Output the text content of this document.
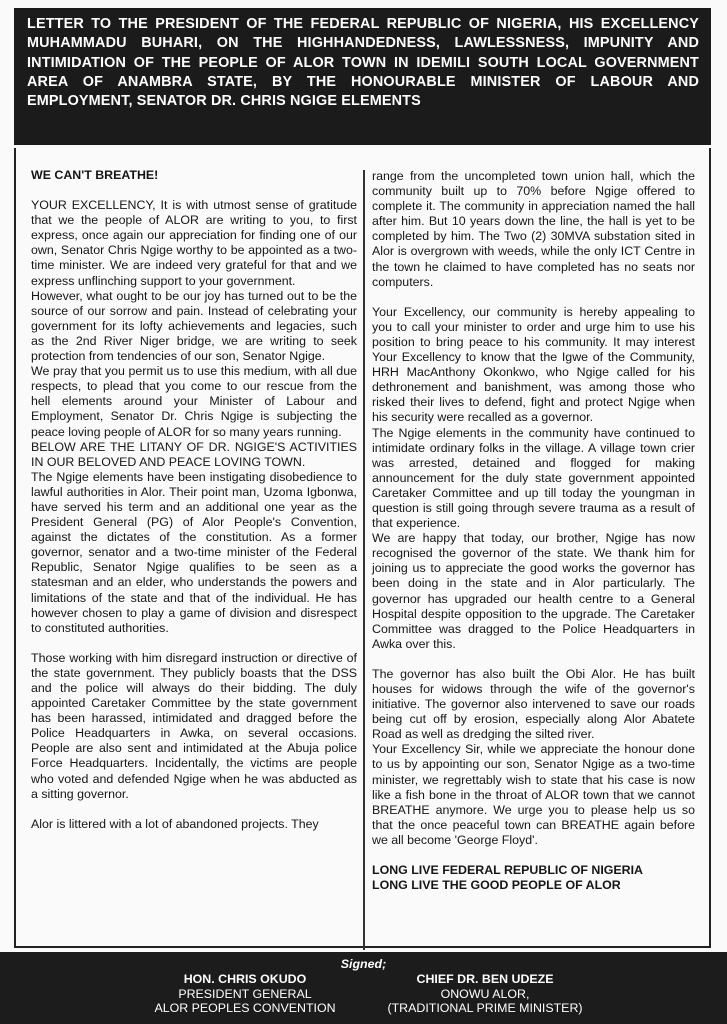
LETTER TO THE PRESIDENT OF THE FEDERAL REPUBLIC OF NIGERIA, HIS EXCELLENCY MUHAMMADU BUHARI, ON THE HIGHHANDEDNESS, LAWLESSNESS, IMPUNITY AND INTIMIDATION OF THE PEOPLE OF ALOR TOWN IN IDEMILI SOUTH LOCAL GOVERNMENT AREA OF ANAMBRA STATE, BY THE HONOURABLE MINISTER OF LABOUR AND EMPLOYMENT, SENATOR DR. CHRIS NGIGE ELEMENTS

WE CAN'T BREATHE!

YOUR EXCELLENCY, It is with utmost sense of gratitude that we the people of ALOR are writing to you, to first express, once again our appreciation for finding one of our own, Senator Chris Ngige worthy to be appointed as a two-time minister. We are indeed very grateful for that and we express unflinching support to your government.

However, what ought to be our joy has turned out to be the source of our sorrow and pain. Instead of celebrating your government for its lofty achievements and legacies, such as the 2nd River Niger bridge, we are writing to seek protection from tendencies of our son, Senator Ngige.

We pray that you permit us to use this medium, with all due respects, to plead that you come to our rescue from the hell elements around your Minister of Labour and Employment, Senator Dr. Chris Ngige is subjecting the peace loving people of ALOR for so many years running.

BELOW ARE THE LITANY OF DR. NGIGE'S ACTIVITIES IN OUR BELOVED AND PEACE LOVING TOWN.

The Ngige elements have been instigating disobedience to lawful authorities in Alor. Their point man, Uzoma Igbonwa, have served his term and an additional one year as the President General (PG) of Alor People's Convention, against the dictates of the constitution. As a former governor, senator and a two-time minister of the Federal Republic, Senator Ngige qualifies to be seen as a statesman and an elder, who understands the powers and limitations of the state and that of the individual. He has however chosen to play a game of division and disrespect to constituted authorities.

Those working with him disregard instruction or directive of the state government. They publicly boasts that the DSS and the police will always do their bidding. The duly appointed Caretaker Committee by the state government has been harassed, intimidated and dragged before the Police Headquarters in Awka, on several occasions. People are also sent and intimidated at the Abuja police Force Headquarters. Incidentally, the victims are people who voted and defended Ngige when he was abducted as a sitting governor.

Alor is littered with a lot of abandoned projects. They

range from the uncompleted town union hall, which the community built up to 70% before Ngige offered to complete it. The community in appreciation named the hall after him. But 10 years down the line, the hall is yet to be completed by him. The Two (2) 30MVA substation sited in Alor is overgrown with weeds, while the only ICT Centre in the town he claimed to have completed has no seats nor computers.

Your Excellency, our community is hereby appealing to you to call your minister to order and urge him to use his position to bring peace to his community. It may interest Your Excellency to know that the Igwe of the Community, HRH MacAnthony Okonkwo, who Ngige called for his dethronement and banishment, was among those who risked their lives to defend, fight and protect Ngige when his security were recalled as a governor.

The Ngige elements in the community have continued to intimidate ordinary folks in the village. A village town crier was arrested, detained and flogged for making announcement for the duly state government appointed Caretaker Committee and up till today the youngman in question is still going through severe trauma as a result of that experience.

We are happy that today, our brother, Ngige has now recognised the governor of the state. We thank him for joining us to appreciate the good works the governor has been doing in the state and in Alor particularly. The governor has upgraded our health centre to a General Hospital despite opposition to the upgrade. The Caretaker Committee was dragged to the Police Headquarters in Awka over this.

The governor has also built the Obi Alor. He has built houses for widows through the wife of the governor's initiative. The governor also intervened to save our roads being cut off by erosion, especially along Alor Abatete Road as well as dredging the silted river.

Your Excellency Sir, while we appreciate the honour done to us by appointing our son, Senator Ngige as a two-time minister, we regrettably wish to state that his case is now like a fish bone in the throat of ALOR town that we cannot BREATHE anymore. We urge you to please help us so that the once peaceful town can BREATHE again before we all become 'George Floyd'.

LONG LIVE FEDERAL REPUBLIC OF NIGERIA

LONG LIVE THE GOOD PEOPLE OF ALOR

Signed;
HON. CHRIS OKUDO
PRESIDENT GENERAL
ALOR PEOPLES CONVENTION
CHIEF DR. BEN UDEZE
ONOWU ALOR,
(TRADITIONAL PRIME MINISTER)
